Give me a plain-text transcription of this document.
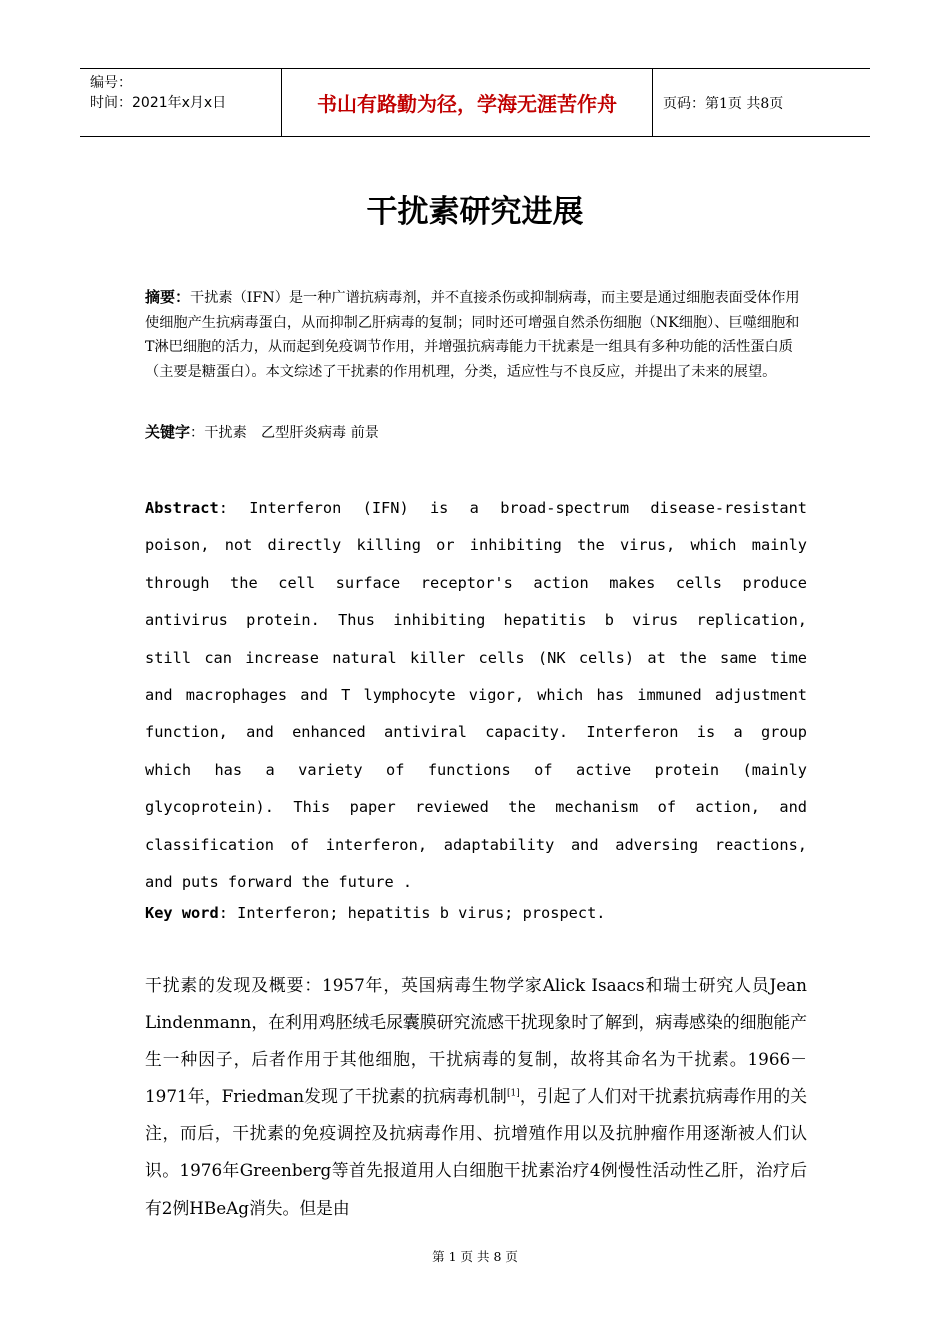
编号：
时间：2021年x月x日	书山有路勤为径，学海无涯苦作舟	页码：第1页 共8页
干扰素研究进展
摘要：干扰素（IFN）是一种广谱抗病毒剂，并不直接杀伤或抑制病毒，而主要是通过细胞表面受体作用使细胞产生抗病毒蛋白，从而抑制乙肝病毒的复制；同时还可增强自然杀伤细胞（NK细胞）、巨噬细胞和T淋巴细胞的活力，从而起到免疫调节作用，并增强抗病毒能力干扰素是一组具有多种功能的活性蛋白质（主要是糖蛋白）。本文综述了干扰素的作用机理，分类，适应性与不良反应，并提出了未来的展望。
关键字：干扰素　乙型肝炎病毒 前景
Abstract: Interferon (IFN) is a broad-spectrum disease-resistant
poison, not directly killing or inhibiting the virus, which mainly
through the cell surface receptor's action makes cells produce
antivirus protein. Thus inhibiting hepatitis b virus replication,
still can increase natural killer cells (NK cells) at the same time
and macrophages and T lymphocyte vigor, which has immuned adjustment
function, and enhanced antiviral capacity. Interferon is a group
which has a variety of functions of active protein (mainly
glycoprotein). This paper reviewed the mechanism of action, and
classification of interferon, adaptability and adversing reactions,
and puts forward the future .
Key word: Interferon; hepatitis b virus; prospect.
干扰素的发现及概要：1957年，英国病毒生物学家Alick Isaacs和瑞士研究人员Jean Lindenmann，在利用鸡胚绒毛尿囊膜研究流感干扰现象时了解到，病毒感染的细胞能产生一种因子，后者作用于其他细胞，干扰病毒的复制，故将其命名为干扰素。1966－1971年，Friedman发现了干扰素的抗病毒机制[1]，引起了人们对干扰素抗病毒作用的关注，而后，干扰素的免疫调控及抗病毒作用、抗增殖作用以及抗肿瘤作用逐渐被人们认识。1976年Greenberg等首先报道用人白细胞干扰素治疗4例慢性活动性乙肝，治疗后有2例HBeAg消失。但是由
第 1 页 共 8 页
